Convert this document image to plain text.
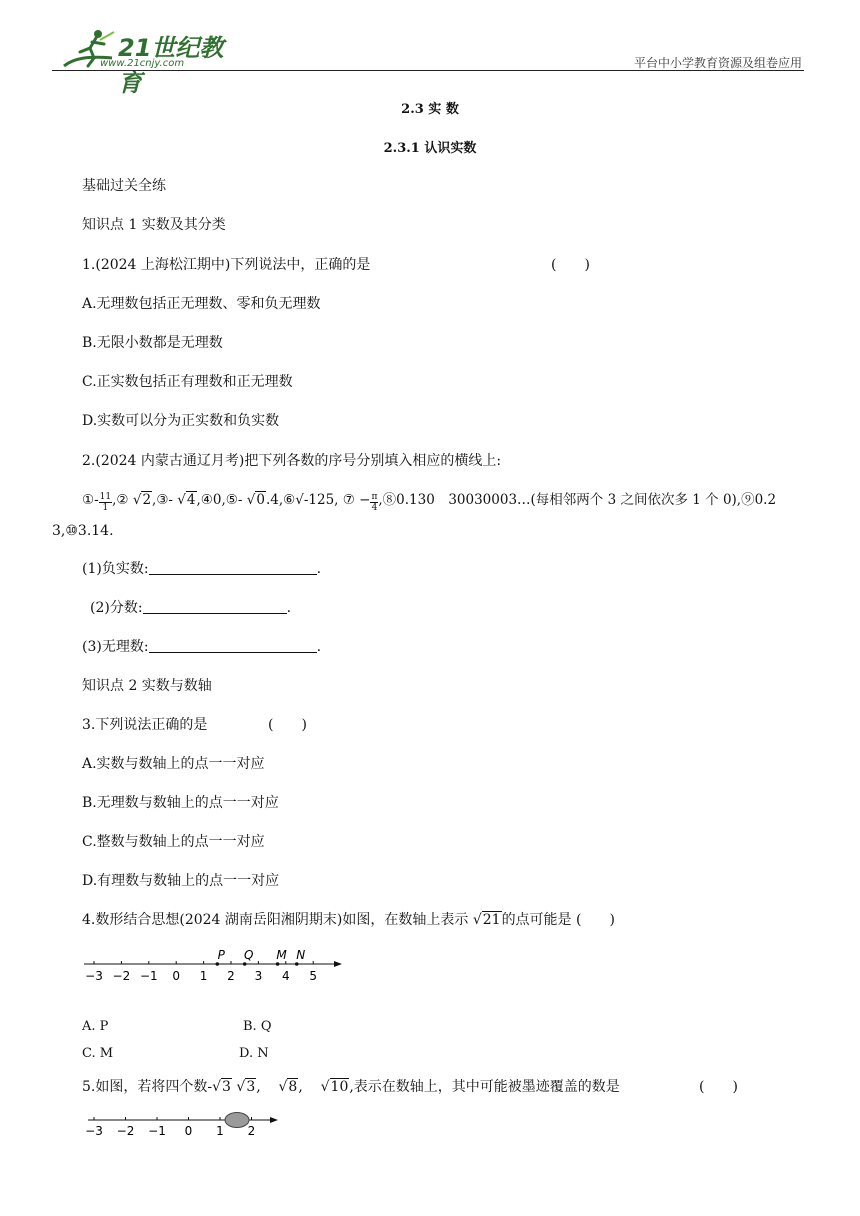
21世纪教育
www.21cnjy.com	平台中小学教育资源及组卷应用
2.3 实 数
2.3.1 认识实数
基础过关全练
知识点 1 实数及其分类
1.(2024 上海松江期中)下列说法中，正确的是	(　　)
A.无理数包括正无理数、零和负无理数
B.无限小数都是无理数
C.正实数包括正有理数和正无理数
D.实数可以分为正实数和负实数
2.(2024 内蒙古通辽月考)把下列各数的序号分别填入相应的横线上:
①- $\frac{11}{1}$ ,② √2,③- √4,④0,⑤- √0.4,⑥√-125, ⑦ − $\frac{\pi}{4}$ ,⑧0.130　30030003…(每相邻两个 3 之间依次多 1 个 0),⑨0.2
3,⑩3.14.
(1)负实数:	.
(2)分数:	.
(3)无理数:	.
知识点 2 实数与数轴
3.下列说法正确的是	(　　)
A.实数与数轴上的点一一对应
B.无理数与数轴上的点一一对应
C.整数与数轴上的点一一对应
D.有理数与数轴上的点一一对应
4.数形结合思想(2024 湖南岳阳湘阴期末)如图，在数轴上表示 √21的点可能是 (　　)
−3 −2 −1 0 1 2 3 4 5
P Q M N
A. P	B. Q
C. M	D. N
5.如图，若将四个数-√3 √3,    √8,    √10,表示在数轴上，其中可能被墨迹覆盖的数是	(　　)
−3 −2 −1 0 1 2
